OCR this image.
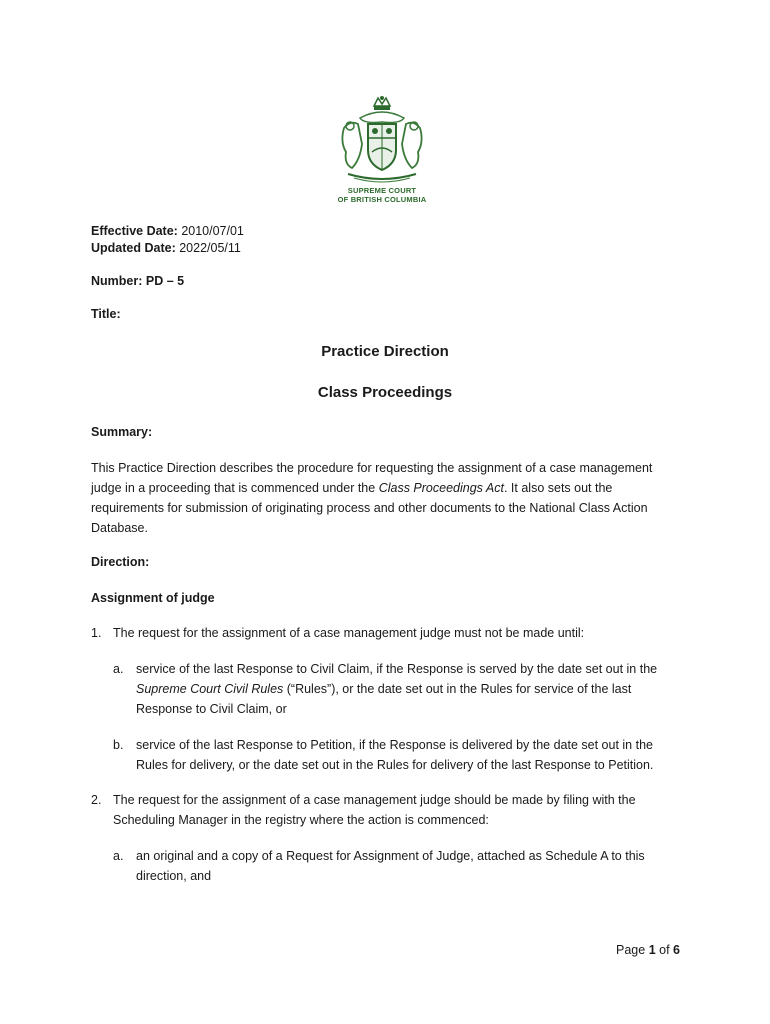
SUPREME COURT
OF BRITISH COLUMBIA
Effective Date: 2010/07/01
Updated Date: 2022/05/11
Number: PD – 5
Title:
Practice Direction
Class Proceedings
Summary:
This Practice Direction describes the procedure for requesting the assignment of a case management judge in a proceeding that is commenced under the Class Proceedings Act. It also sets out the requirements for submission of originating process and other documents to the National Class Action Database.
Direction:
Assignment of judge
1. The request for the assignment of a case management judge must not be made until:
a. service of the last Response to Civil Claim, if the Response is served by the date set out in the Supreme Court Civil Rules (“Rules”), or the date set out in the Rules for service of the last Response to Civil Claim, or
b. service of the last Response to Petition, if the Response is delivered by the date set out in the Rules for delivery, or the date set out in the Rules for delivery of the last Response to Petition.
2. The request for the assignment of a case management judge should be made by filing with the Scheduling Manager in the registry where the action is commenced:
a. an original and a copy of a Request for Assignment of Judge, attached as Schedule A to this direction, and
Page 1 of 6
